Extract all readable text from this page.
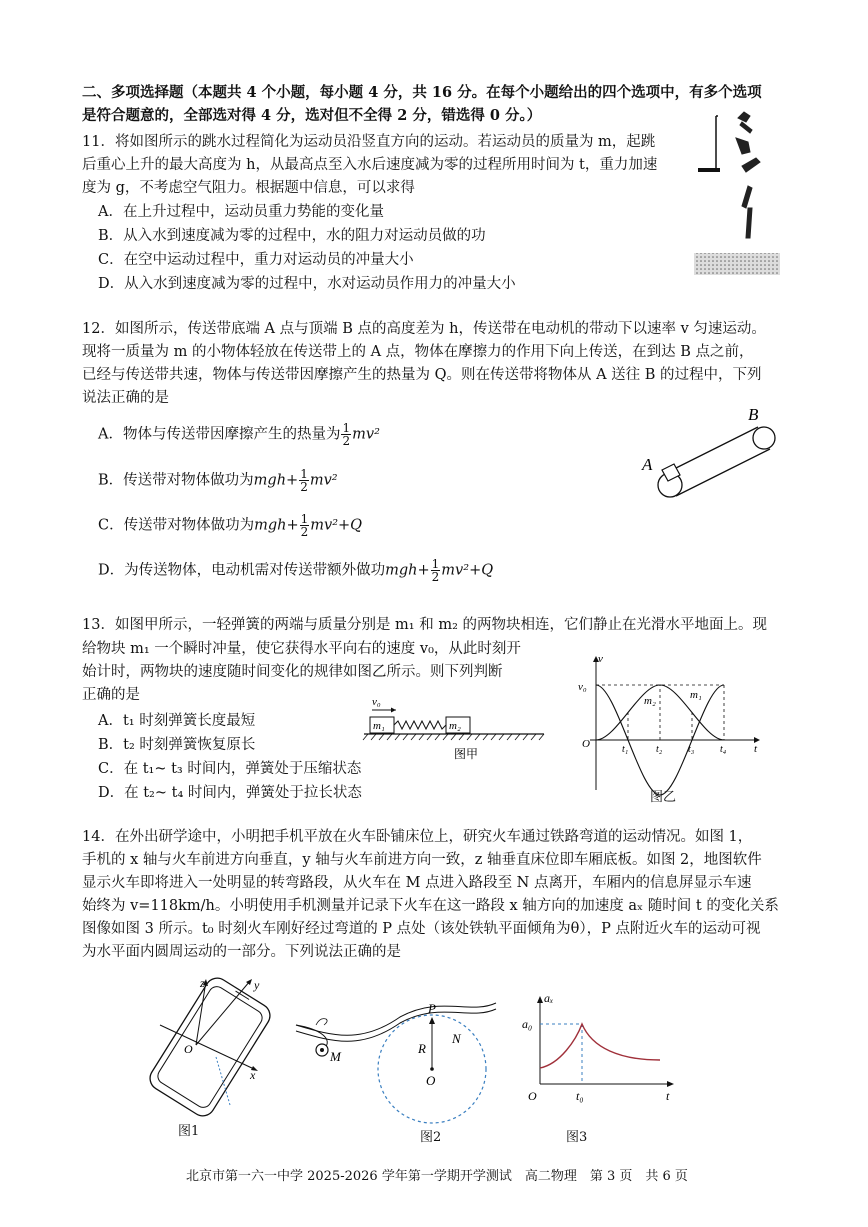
二、多项选择题（本题共 4 个小题，每小题 4 分，共 16 分。在每个小题给出的四个选项中，有多个选项
是符合题意的，全部选对得 4 分，选对但不全得 2 分，错选得 0 分。）
11．将如图所示的跳水过程简化为运动员沿竖直方向的运动。若运动员的质量为 m，起跳
后重心上升的最大高度为 h，从最高点至入水后速度减为零的过程所用时间为 t，重力加速
度为 g，不考虑空气阻力。根据题中信息，可以求得
A．在上升过程中，运动员重力势能的变化量
B．从入水到速度减为零的过程中，水的阻力对运动员做的功
C．在空中运动过程中，重力对运动员的冲量大小
D．从入水到速度减为零的过程中，水对运动员作用力的冲量大小
12．如图所示，传送带底端 A 点与顶端 B 点的高度差为 h，传送带在电动机的带动下以速率 v 匀速运动。
现将一质量为 m 的小物体轻放在传送带上的 A 点，物体在摩擦力的作用下向上传送，在到达 B 点之前，
已经与传送带共速，物体与传送带因摩擦产生的热量为 Q。则在传送带将物体从 A 送往 B 的过程中，下列
说法正确的是
A．物体与传送带因摩擦产生的热量为 $\frac{1}{2} mv^2$
B．传送带对物体做功为$mgh+ \frac{1}{2} mv^2$
C．传送带对物体做功为$mgh+ \frac{1}{2} mv^2+Q$
D．为传送物体，电动机需对传送带额外做功$mgh+ \frac{1}{2} mv^2+Q$
A
B
13．如图甲所示，一轻弹簧的两端与质量分别是 m₁ 和 m₂ 的两物块相连，它们静止在光滑水平地面上。现
给物块 m₁ 一个瞬时冲量，使它获得水平向右的速度 v₀，从此时刻开
始计时，两物块的速度随时间变化的规律如图乙所示。则下列判断
正确的是
A．t₁ 时刻弹簧长度最短
B．t₂ 时刻弹簧恢复原长
C．在 t₁~ t₃ 时间内，弹簧处于压缩状态
D．在 t₂~ t₄ 时间内，弹簧处于拉长状态
v₀
m₁	m₂
图甲
v
v₀
O	t
m₂	m₁
t₁	t₂	t₃	t₄
图乙
14．在外出研学途中，小明把手机平放在火车卧铺床位上，研究火车通过铁路弯道的运动情况。如图 1，
手机的 x 轴与火车前进方向垂直，y 轴与火车前进方向一致，z 轴垂直床位即车厢底板。如图 2，地图软件
显示火车即将进入一处明显的转弯路段，从火车在 M 点进入路段至 N 点离开，车厢内的信息屏显示车速
始终为 v=118km/h。小明使用手机测量并记录下火车在这一路段 x 轴方向的加速度 aₓ 随时间 t 的变化关系
图像如图 3 所示。t₀ 时刻火车刚好经过弯道的 P 点处（该处铁轨平面倾角为θ），P 点附近火车的运动可视
为水平面内圆周运动的一部分。下列说法正确的是
z	y
x
O
图1
P
R
O
N
M
图2
aₓ
a₀
O	t₀	t
图3
北京市第一六一中学 2025-2026 学年第一学期开学测试　高二物理　第 3 页　共 6 页
